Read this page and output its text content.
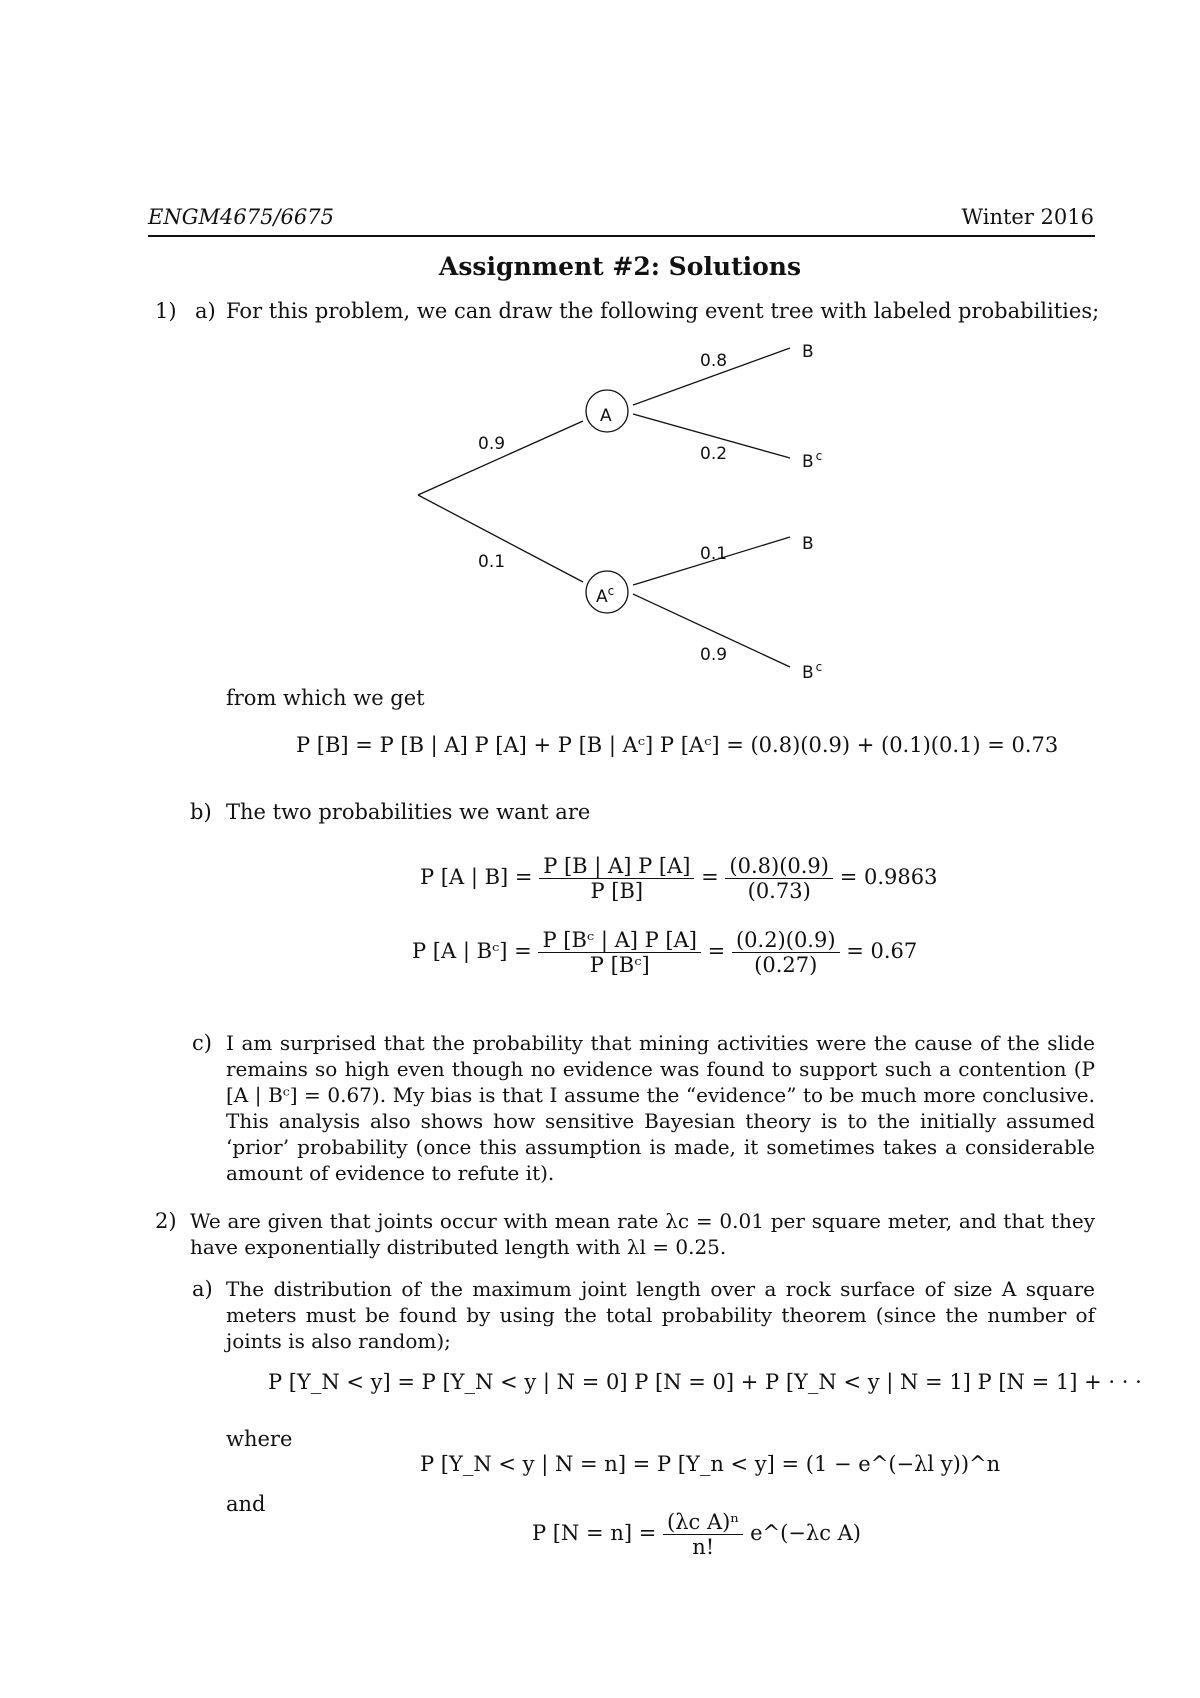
ENGM4675/6675	Winter 2016
Assignment #2: Solutions
1) a) For this problem, we can draw the following event tree with labeled probabilities;
A
$A^c$
0.9
0.1
0.8
0.2
0.1
0.9
B
B $^c$
B
B $^c$
from which we get
P [B] = P [B | A] P [A] + P [B | Aᶜ] P [Aᶜ] = (0.8)(0.9) + (0.1)(0.1) = 0.73
b) The two probabilities we want are
P [A | $B] = \frac{P [B | A] P [A]}{P [B]} = \frac{(0.8)(0.9)}{(0.73)} = 0.9863$
P [A | Bᶜ] = $\frac{\text{P [Bᶜ | A] P [A]}}{\text{P [Bᶜ]}} = \frac{(0.2)(0.9)}{(0.27)} = 0.67$
c) I am surprised that the probability that mining activities were the cause of the slide remains so high even though no evidence was found to support such a contention (P [A | Bᶜ] = 0.67). My bias is that I assume the “evidence” to be much more conclusive. This analysis also shows how sensitive Bayesian theory is to the initially assumed ‘prior’ probability (once this assumption is made, it sometimes takes a considerable amount of evidence to refute it).
2) We are given that joints occur with mean rate λc = 0.01 per square meter, and that they have exponentially distributed length with λl = 0.25.
a) The distribution of the maximum joint length over a rock surface of size A square meters must be found by using the total probability theorem (since the number of joints is also random);
P [Y_N < y] = P [Y_N < y | N = 0] P [N = 0] + P [Y_N < y | N = 1] P [N = 1] + · · ·
where
P [Y_N < y | N = n] = P [Y_n < y] = (1 − e^(−λl y))^n
and
P $[N = n] = \frac{\text{(λc A)ⁿ}}{n!}$ e^(−λc A)
